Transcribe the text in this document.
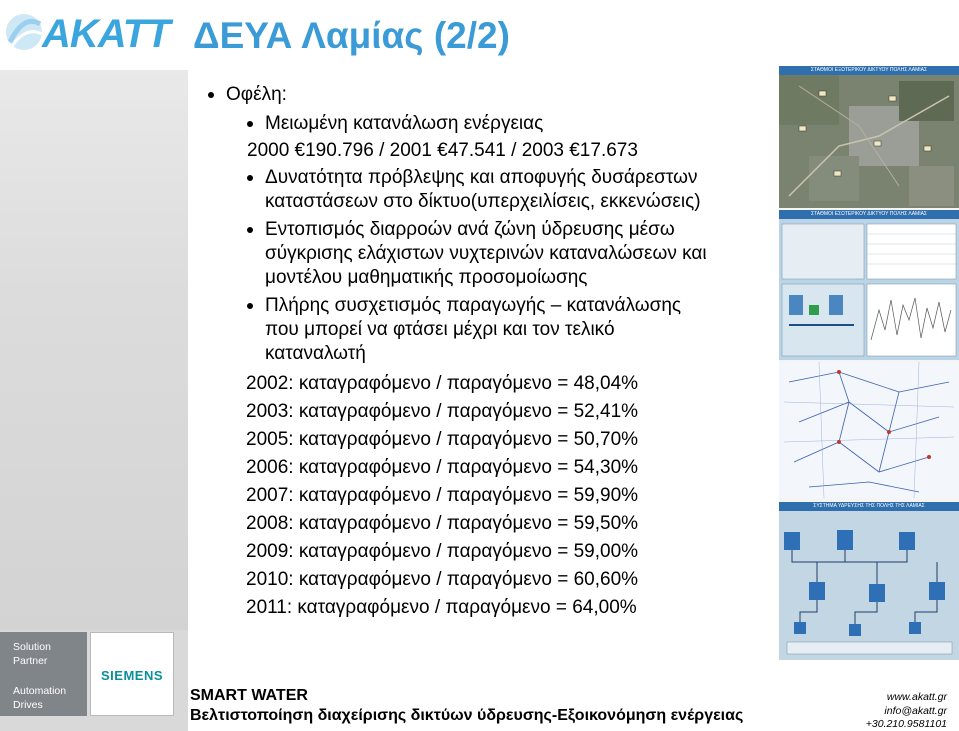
AKATT ΔΕΥΑ Λαμίας (2/2)
Solution
Partner
Automation
Drives
SIEMENS
Οφέλη:
Μειωμένη κατανάλωση ενέργειας
2000 €190.796 / 2001 €47.541 / 2003 €17.673
Δυνατότητα πρόβλεψης και αποφυγής δυσάρεστων
καταστάσεων στο δίκτυο(υπερχειλίσεις, εκκενώσεις)
Εντοπισμός διαρροών ανά ζώνη ύδρευσης μέσω
σύγκρισης ελάχιστων νυχτερινών καταναλώσεων και
μοντέλου μαθηματικής προσομοίωσης
Πλήρης συσχετισμός παραγωγής – κατανάλωσης
που μπορεί να φτάσει μέχρι και τον τελικό
καταναλωτή
2002: καταγραφόμενο / παραγόμενο = 48,04%
2003: καταγραφόμενο / παραγόμενο = 52,41%
2005: καταγραφόμενο / παραγόμενο = 50,70%
2006: καταγραφόμενο / παραγόμενο = 54,30%
2007: καταγραφόμενο / παραγόμενο = 59,90%
2008: καταγραφόμενο / παραγόμενο = 59,50%
2009: καταγραφόμενο / παραγόμενο = 59,00%
2010: καταγραφόμενο / παραγόμενο = 60,60%
2011: καταγραφόμενο / παραγόμενο = 64,00%
ΣΤΑΘΜΟΙ ΕΞΩΤΕΡΙΚΟΥ ΔΙΚΤΥΟΥ ΠΟΛΗΣ ΛΑΜΙΑΣ
ΣΤΑΘΜΟΙ ΕΣΩΤΕΡΙΚΟΥ ΔΙΚΤΥΟΥ ΠΟΛΗΣ ΛΑΜΙΑΣ
ΣΥΣΤΗΜΑ ΥΔΡΕΥΣΗΣ ΤΗΣ ΠΟΛΗΣ ΤΗΣ ΛΑΜΙΑΣ
SMART WATER
Βελτιστοποίηση διαχείρισης δικτύων ύδρευσης-Εξοικονόμηση ενέργειας
www.akatt.gr
info@akatt.gr
+30.210.9581101
